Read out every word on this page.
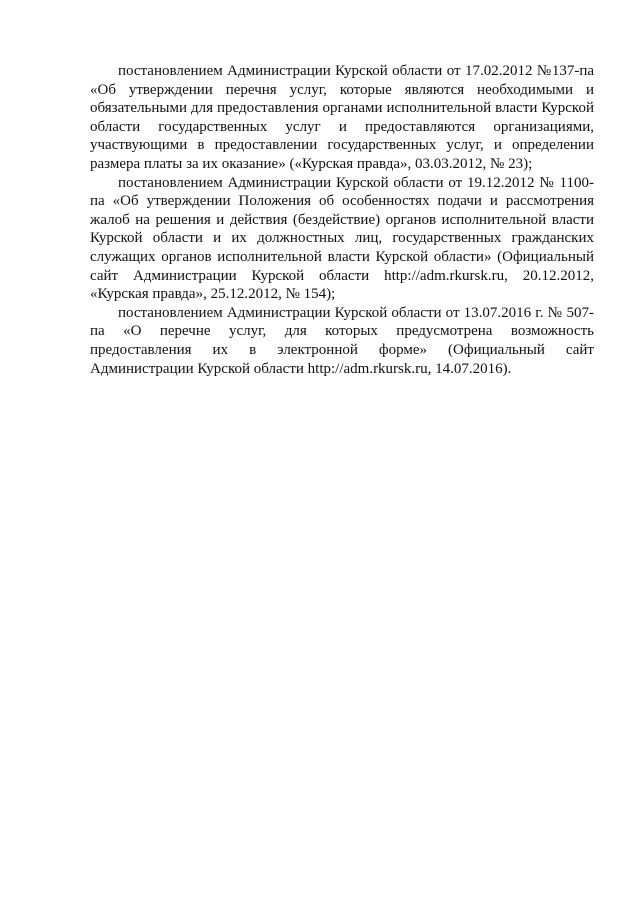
постановлением Администрации Курской области от 17.02.2012 №137-па «Об утверждении перечня услуг, которые являются необходимыми и обязательными для предоставления органами исполнительной власти Курской области государственных услуг и предоставляются организациями, участвующими в предоставлении государственных услуг, и определении размера платы за их оказание» («Курская правда», 03.03.2012, № 23);

постановлением Администрации Курской области от 19.12.2012 № 1100-па «Об утверждении Положения об особенностях подачи и рассмотрения жалоб на решения и действия (бездействие) органов исполнительной власти Курской области и их должностных лиц, государственных гражданских служащих органов исполнительной власти Курской области» (Официальный сайт Администрации Курской области http://adm.rkursk.ru, 20.12.2012, «Курская правда», 25.12.2012, № 154);

постановлением Администрации Курской области от 13.07.2016 г. № 507-па «О перечне услуг, для которых предусмотрена возможность предоставления их в электронной форме» (Официальный сайт Администрации Курской области http://adm.rkursk.ru, 14.07.2016).
